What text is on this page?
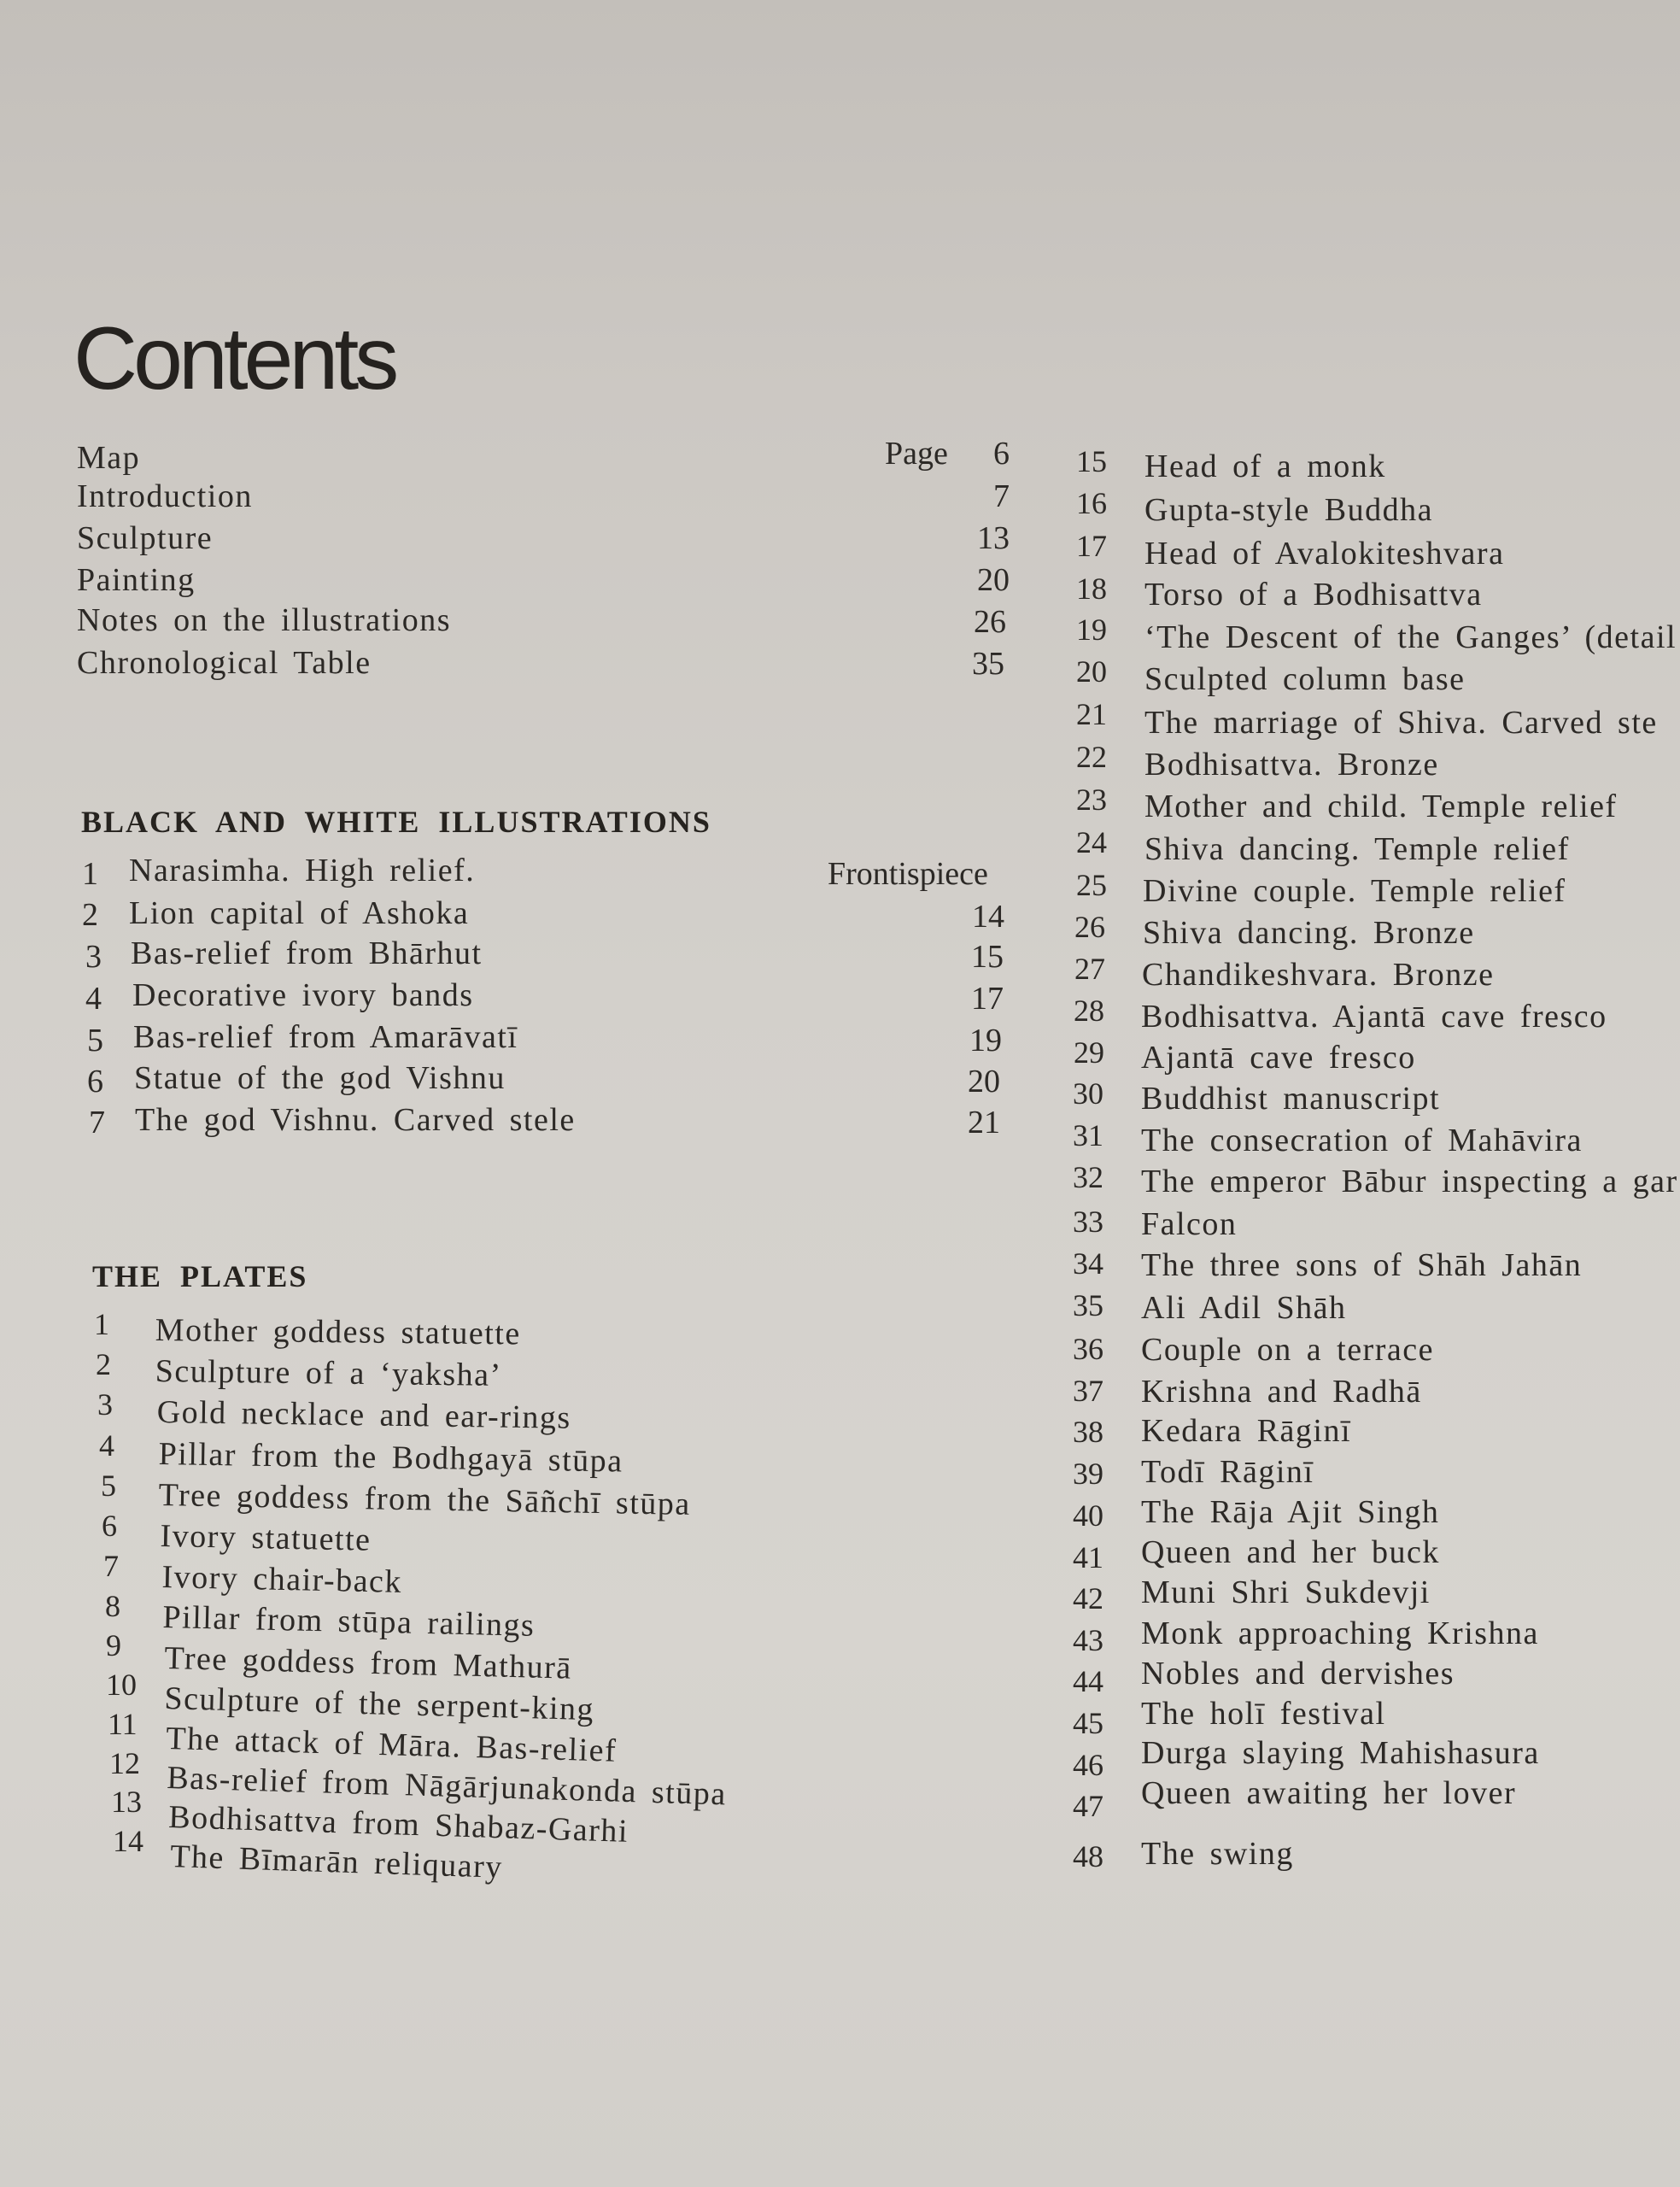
Contents
Map	Page 6
Introduction	7
Sculpture	13
Painting	20
Notes on the illustrations	26
Chronological Table	35
BLACK AND WHITE ILLUSTRATIONS
1 Narasimha. High relief.	Frontispiece
2 Lion capital of Ashoka	14
3 Bas-relief from Bhārhut	15
4 Decorative ivory bands	17
5 Bas-relief from Amarāvatī	19
6 Statue of the god Vishnu	20
7 The god Vishnu. Carved stele	21
THE PLATES
1 Mother goddess statuette
2 Sculpture of a ‘yaksha’
3 Gold necklace and ear-rings
4 Pillar from the Bodhgayā stūpa
5 Tree goddess from the Sāñchī stūpa
6 Ivory statuette
7 Ivory chair-back
8 Pillar from stūpa railings
9 Tree goddess from Mathurā
10 Sculpture of the serpent-king
11 The attack of Māra. Bas-relief
12 Bas-relief from Nāgārjunakonda stūpa
13 Bodhisattva from Shabaz-Garhi
14 The Bīmarān reliquary
15 Head of a monk
16 Gupta-style Buddha
17 Head of Avalokiteshvara
18 Torso of a Bodhisattva
19 ‘The Descent of the Ganges’ (detail
20 Sculpted column base
21 The marriage of Shiva. Carved ste
22 Bodhisattva. Bronze
23 Mother and child. Temple relief
24 Shiva dancing. Temple relief
25 Divine couple. Temple relief
26 Shiva dancing. Bronze
27 Chandikeshvara. Bronze
28 Bodhisattva. Ajantā cave fresco
29 Ajantā cave fresco
30 Buddhist manuscript
31 The consecration of Mahāvira
32 The emperor Bābur inspecting a gar
33 Falcon
34 The three sons of Shāh Jahān
35 Ali Adil Shāh
36 Couple on a terrace
37 Krishna and Radhā
38 Kedara Rāginī
39 Todī Rāginī
40 The Rāja Ajit Singh
41 Queen and her buck
42 Muni Shri Sukdevji
43 Monk approaching Krishna
44 Nobles and dervishes
45 The holī festival
46 Durga slaying Mahishasura
47 Queen awaiting her lover
48 The swing
